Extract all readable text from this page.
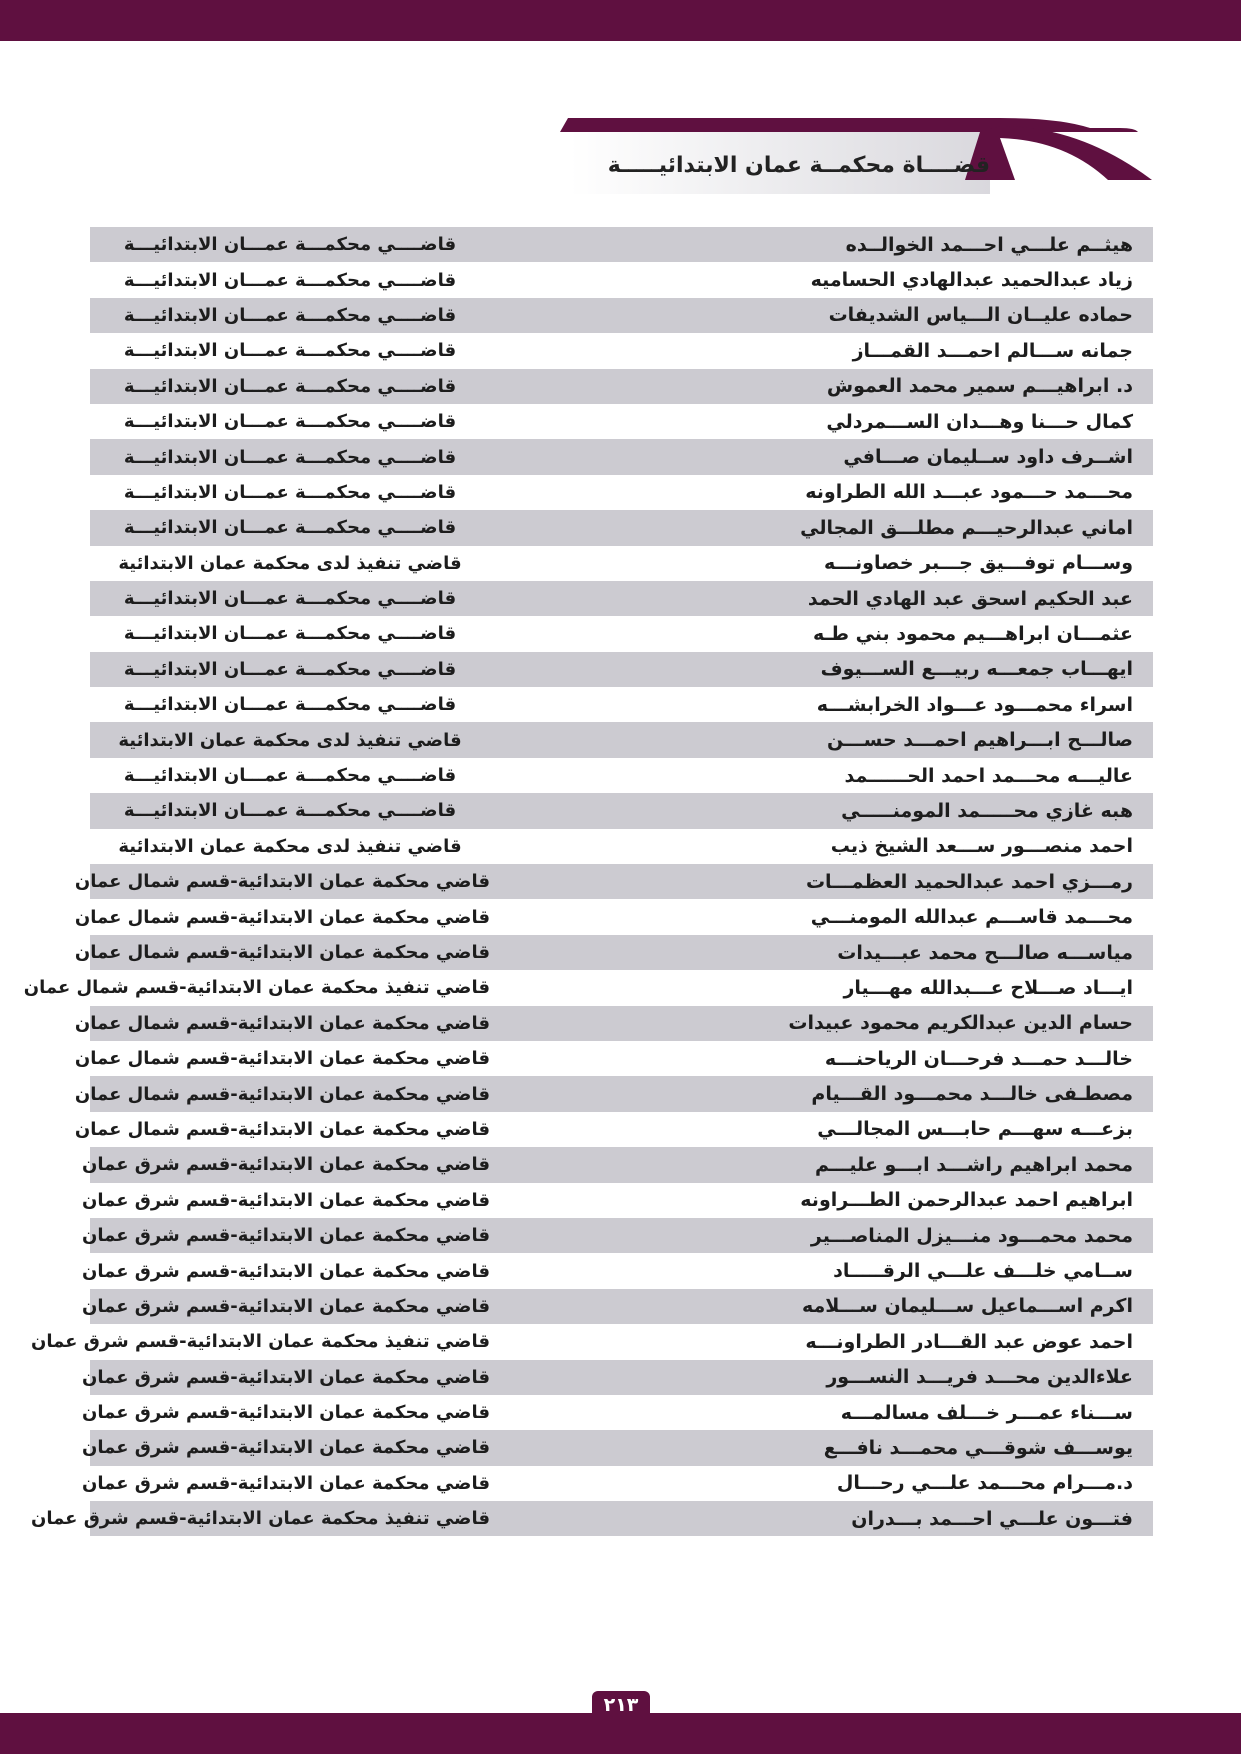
قضــــاة محكمــة عمان الابتدائيـــــة
هيثــم علـــي احـــمد الخوالــده
قاضــــي محكمـــة عمـــان الابتدائيـــة
زياد عبدالحميد عبدالهادي الحساميه
قاضــــي محكمـــة عمـــان الابتدائيـــة
حماده عليــان الـــياس الشديفات
قاضــــي محكمـــة عمـــان الابتدائيـــة
جمانه ســـالم احمـــد القمـــاز
قاضــــي محكمـــة عمـــان الابتدائيـــة
د. ابراهيـــم سمير محمد العموش
قاضــــي محكمـــة عمـــان الابتدائيـــة
كمال حـــنا وهـــدان الســـمردلي
قاضــــي محكمـــة عمـــان الابتدائيـــة
اشــرف داود ســليمان صـــافي
قاضــــي محكمـــة عمـــان الابتدائيـــة
محـــمد حـــمود عبـــد الله الطراونه
قاضــــي محكمـــة عمـــان الابتدائيـــة
اماني عبدالرحيـــم مطلـــق المجالي
قاضــــي محكمـــة عمـــان الابتدائيـــة
وســـام توفـــيق جـــبر خصاونـــه
قاضي تنفيذ لدى محكمة عمان الابتدائية
عبد الحكيم اسحق عبد الهادي الحمد
قاضــــي محكمـــة عمـــان الابتدائيـــة
عثمـــان ابراهـــيم محمود بني طـه
قاضــــي محكمـــة عمـــان الابتدائيـــة
ايهـــاب جمعـــه ربيـــع الســـيوف
قاضــــي محكمـــة عمـــان الابتدائيـــة
اسراء محمـــود عـــواد الخرابشـــه
قاضــــي محكمـــة عمـــان الابتدائيـــة
صالـــح ابـــراهيم احمـــد حســـن
قاضي تنفيذ لدى محكمة عمان الابتدائية
عاليـــه محـــمد احمد الحــــــمد
قاضــــي محكمـــة عمـــان الابتدائيـــة
هبه غازي محـــــمد المومنـــــي
قاضــــي محكمـــة عمـــان الابتدائيـــة
احمد منصـــور ســـعد الشيخ ذيب
قاضي تنفيذ لدى محكمة عمان الابتدائية
رمـــزي احمد عبدالحميد العظمـــات
قاضي محكمة عمان الابتدائية-قسم شمال عمان
محـــمد قاســـم عبدالله المومنـــي
قاضي محكمة عمان الابتدائية-قسم شمال عمان
مياســـه صالـــح محمد عبـــيدات
قاضي محكمة عمان الابتدائية-قسم شمال عمان
ايـــاد صـــلاح عـــبدالله مهـــيار
قاضي تنفيذ محكمة عمان الابتدائية-قسم شمال عمان
حسام الدين عبدالكريم محمود عبيدات
قاضي محكمة عمان الابتدائية-قسم شمال عمان
خالـــد حمـــد فرحـــان الرياحنـــه
قاضي محكمة عمان الابتدائية-قسم شمال عمان
مصطـفى خالـــد محمـــود القـــيام
قاضي محكمة عمان الابتدائية-قسم شمال عمان
بزعـــه سهـــم حابـــس المجالـــي
قاضي محكمة عمان الابتدائية-قسم شمال عمان
محمد ابراهيم راشـــد ابـــو عليـــم
قاضي محكمة عمان الابتدائية-قسم شرق عمان
ابراهيم احمد عبدالرحمن الطـــراونه
قاضي محكمة عمان الابتدائية-قسم شرق عمان
محمد محمـــود منـــيزل المناصـــير
قاضي محكمة عمان الابتدائية-قسم شرق عمان
ســامي خلـــف علـــي الرقـــــاد
قاضي محكمة عمان الابتدائية-قسم شرق عمان
اكرم اســـماعيل ســـليمان ســـلامه
قاضي محكمة عمان الابتدائية-قسم شرق عمان
احمد عوض عبد القـــادر الطراونـــه
قاضي تنفيذ محكمة عمان الابتدائية-قسم شرق عمان
علاءالدين محـــد فريـــد النســـور
قاضي محكمة عمان الابتدائية-قسم شرق عمان
ســـناء عمـــر خـــلف مسالمـــه
قاضي محكمة عمان الابتدائية-قسم شرق عمان
يوســـف شوقـــي محمـــد نافـــع
قاضي محكمة عمان الابتدائية-قسم شرق عمان
د.مـــرام محـــمد علـــي رحـــال
قاضي محكمة عمان الابتدائية-قسم شرق عمان
فتـــون علـــي احـــمد بـــدران
قاضي تنفيذ محكمة عمان الابتدائية-قسم شرق عمان
٢١٣
